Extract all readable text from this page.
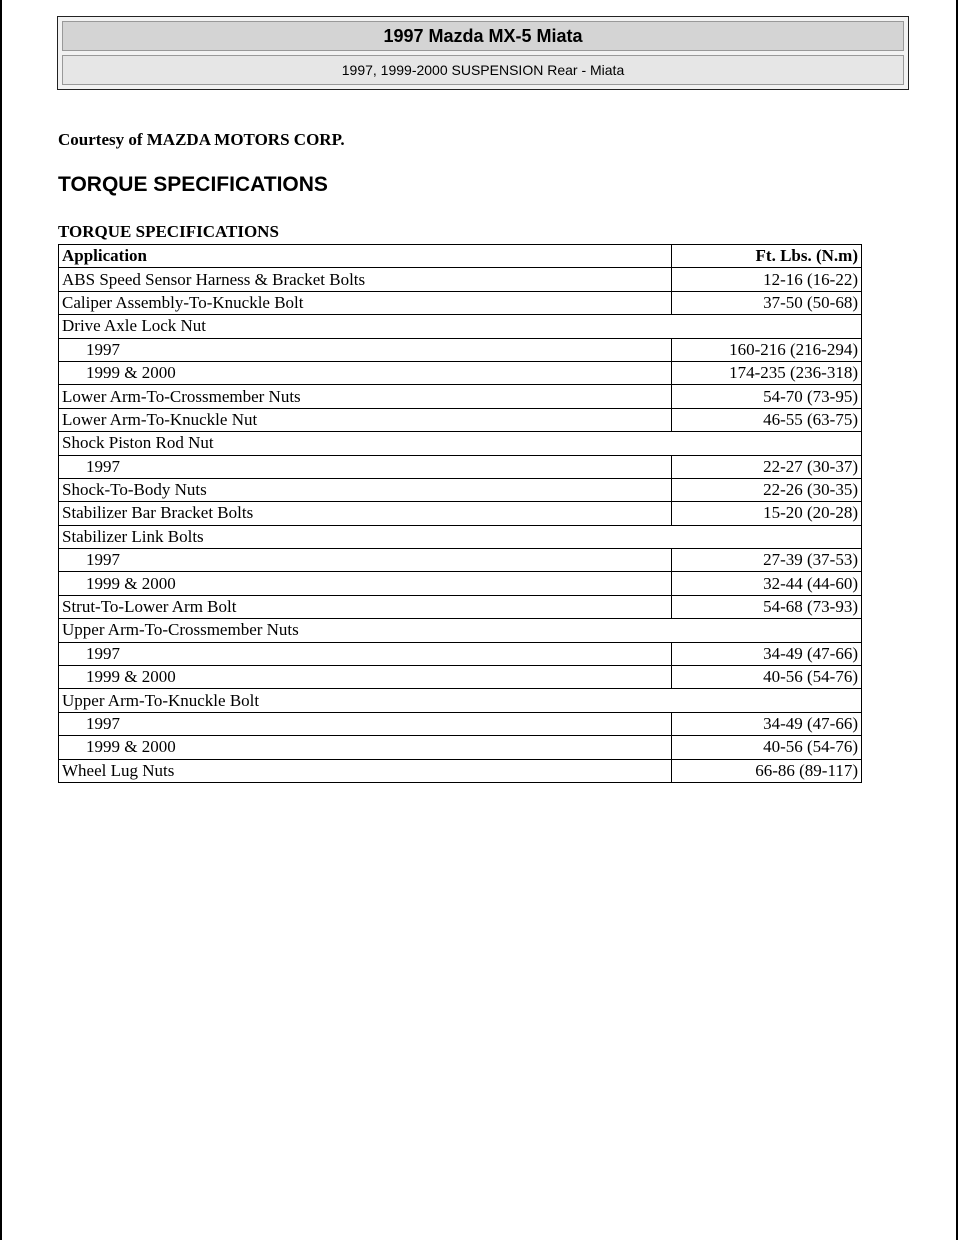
1997 Mazda MX-5 Miata
1997, 1999-2000 SUSPENSION Rear - Miata
Courtesy of MAZDA MOTORS CORP.
TORQUE SPECIFICATIONS
TORQUE SPECIFICATIONS
Application	Ft. Lbs. (N.m)
ABS Speed Sensor Harness & Bracket Bolts	12-16 (16-22)
Caliper Assembly-To-Knuckle Bolt	37-50 (50-68)
Drive Axle Lock Nut	
1997	160-216 (216-294)
1999 & 2000	174-235 (236-318)
Lower Arm-To-Crossmember Nuts	54-70 (73-95)
Lower Arm-To-Knuckle Nut	46-55 (63-75)
Shock Piston Rod Nut	
1997	22-27 (30-37)
Shock-To-Body Nuts	22-26 (30-35)
Stabilizer Bar Bracket Bolts	15-20 (20-28)
Stabilizer Link Bolts	
1997	27-39 (37-53)
1999 & 2000	32-44 (44-60)
Strut-To-Lower Arm Bolt	54-68 (73-93)
Upper Arm-To-Crossmember Nuts	
1997	34-49 (47-66)
1999 & 2000	40-56 (54-76)
Upper Arm-To-Knuckle Bolt	
1997	34-49 (47-66)
1999 & 2000	40-56 (54-76)
Wheel Lug Nuts	66-86 (89-117)
